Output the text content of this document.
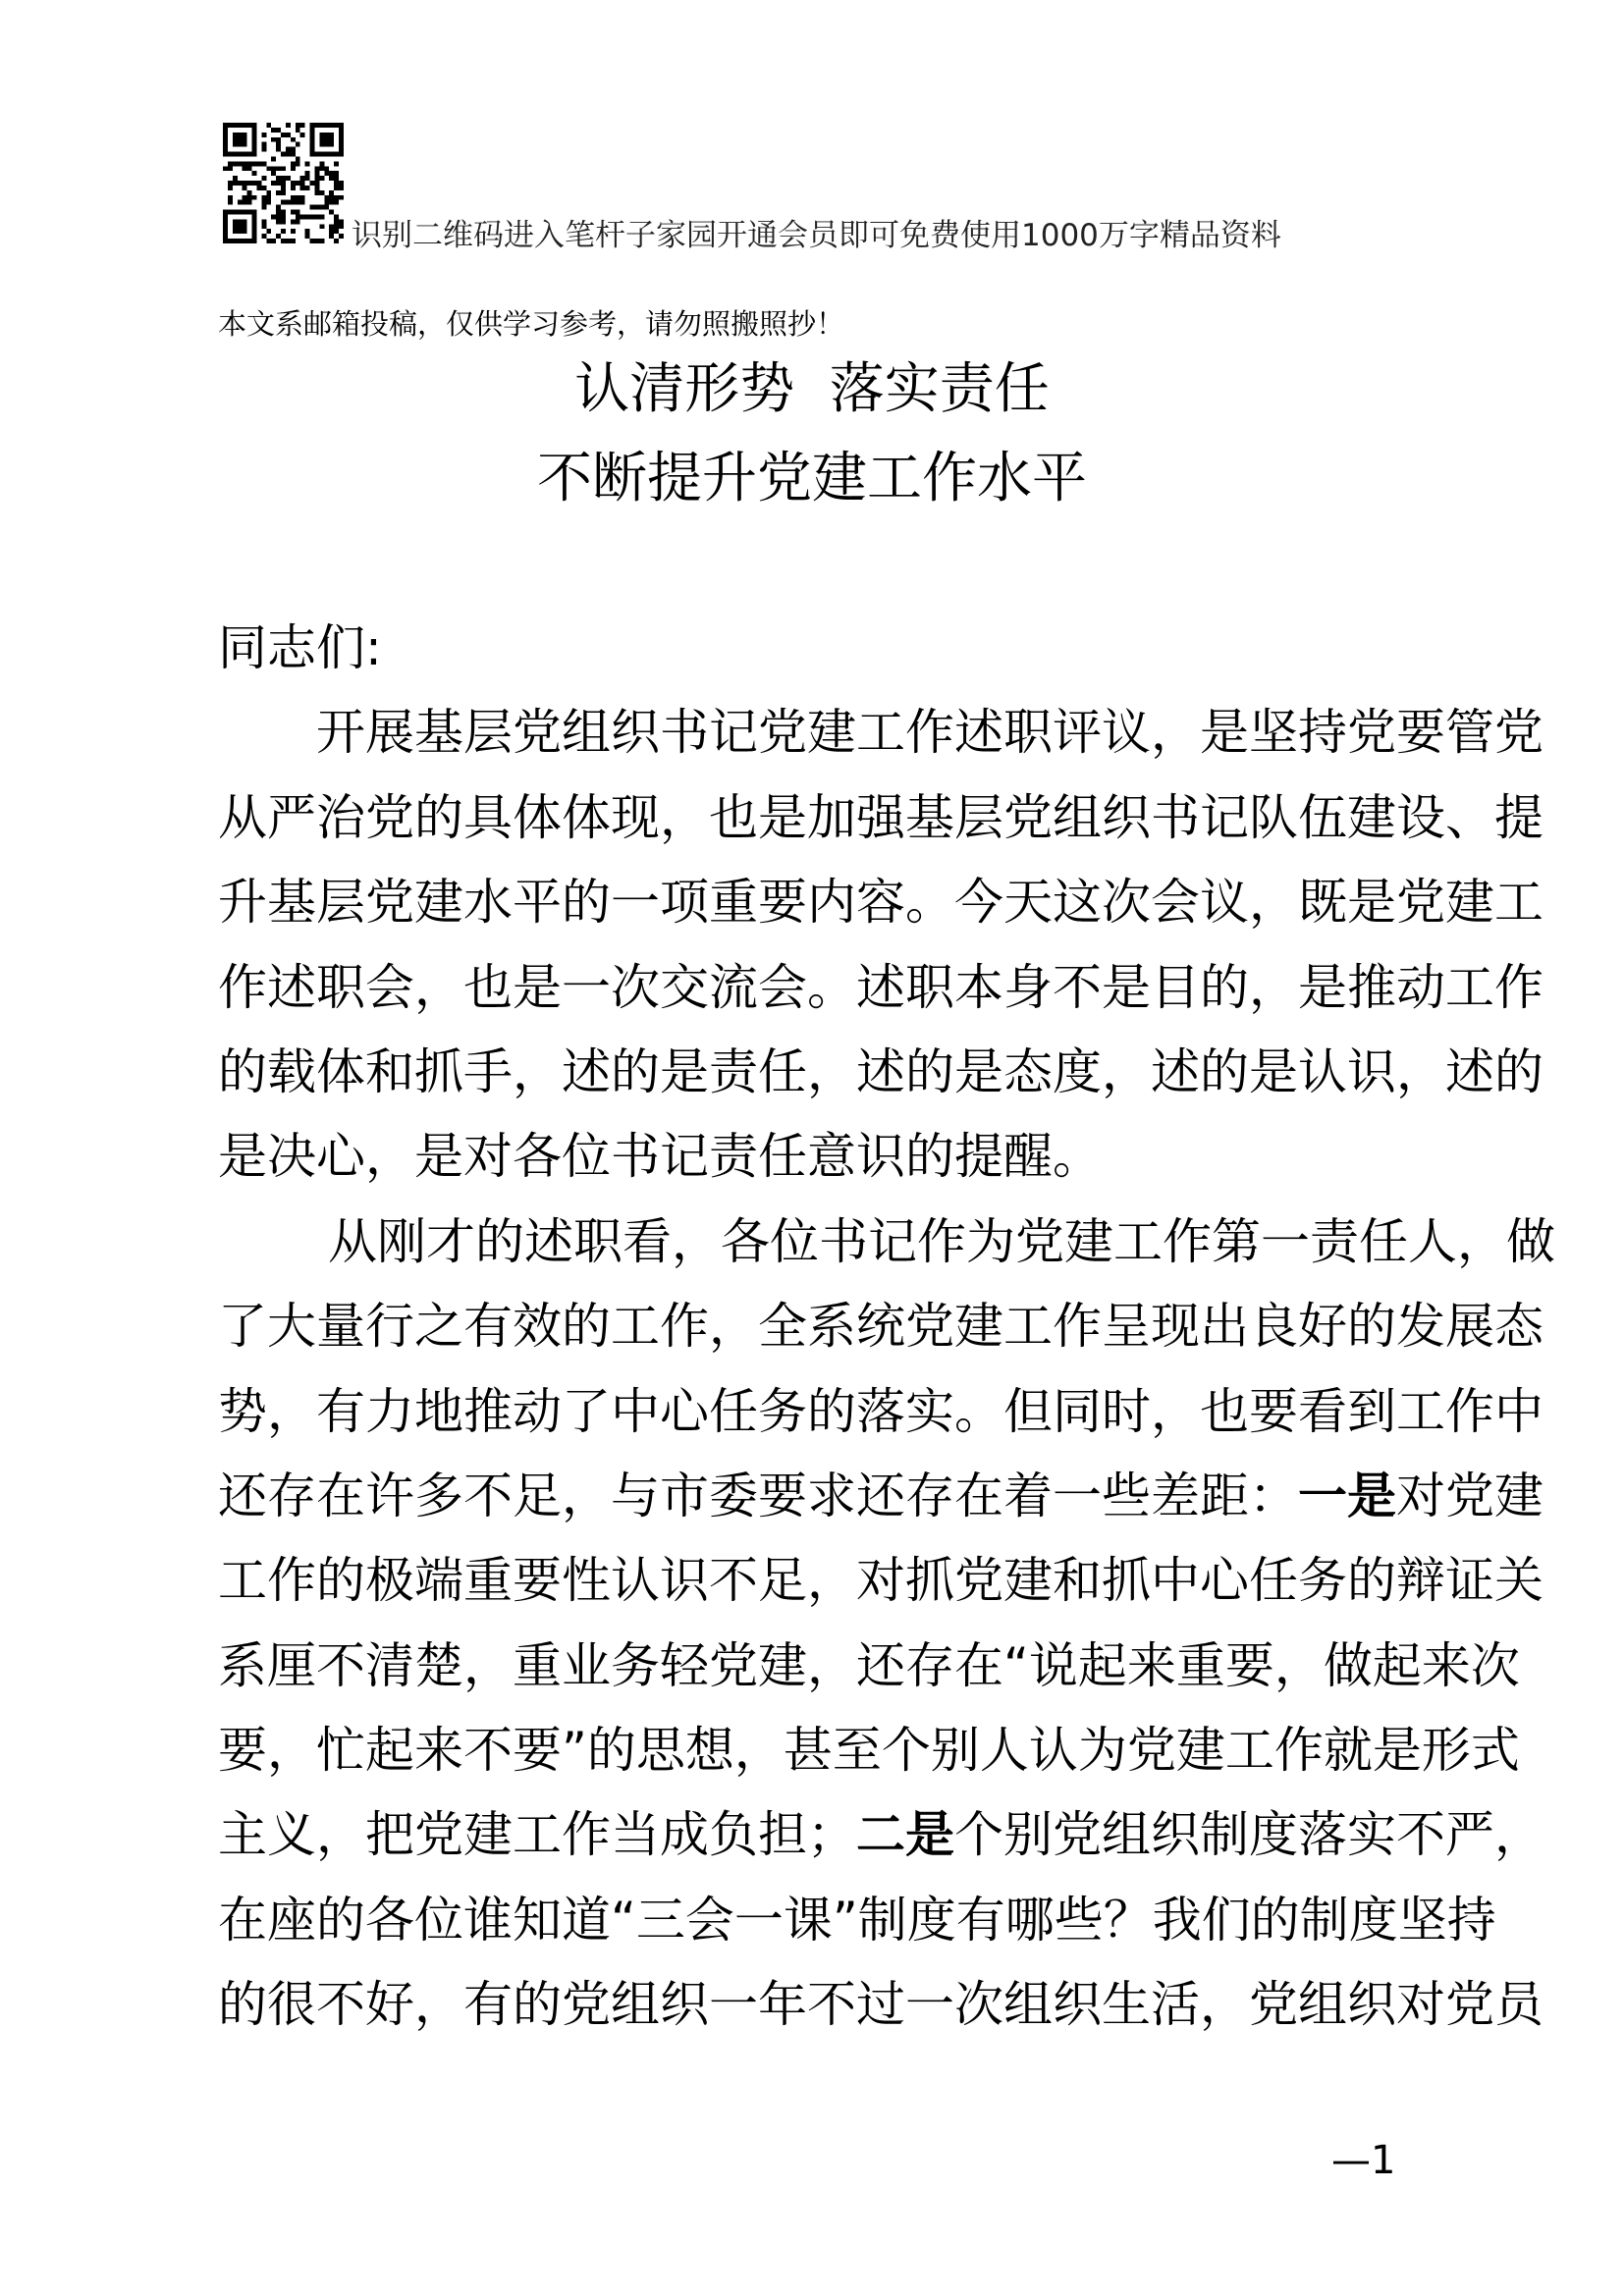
识别二维码进入笔杆子家园开通会员即可免费使用1000万字精品资料
本文系邮箱投稿，仅供学习参考，请勿照搬照抄！
认清形势  落实责任
不断提升党建工作水平
同志们:
开展基层党组织书记党建工作述职评议，是坚持党要管党
从严治党的具体体现，也是加强基层党组织书记队伍建设、提
升基层党建水平的一项重要内容。今天这次会议，既是党建工
作述职会，也是一次交流会。述职本身不是目的，是推动工作
的载体和抓手，述的是责任，述的是态度，述的是认识，述的
是决心，是对各位书记责任意识的提醒。
从刚才的述职看，各位书记作为党建工作第一责任人，做
了大量行之有效的工作，全系统党建工作呈现出良好的发展态
势，有力地推动了中心任务的落实。但同时，也要看到工作中
还存在许多不足，与市委要求还存在着一些差距：一是对党建
工作的极端重要性认识不足，对抓党建和抓中心任务的辩证关
系厘不清楚，重业务轻党建，还存在“说起来重要，做起来次
要，忙起来不要”的思想，甚至个别人认为党建工作就是形式
主义，把党建工作当成负担；二是个别党组织制度落实不严，
在座的各位谁知道“三会一课”制度有哪些？我们的制度坚持
的很不好，有的党组织一年不过一次组织生活，党组织对党员
—1
